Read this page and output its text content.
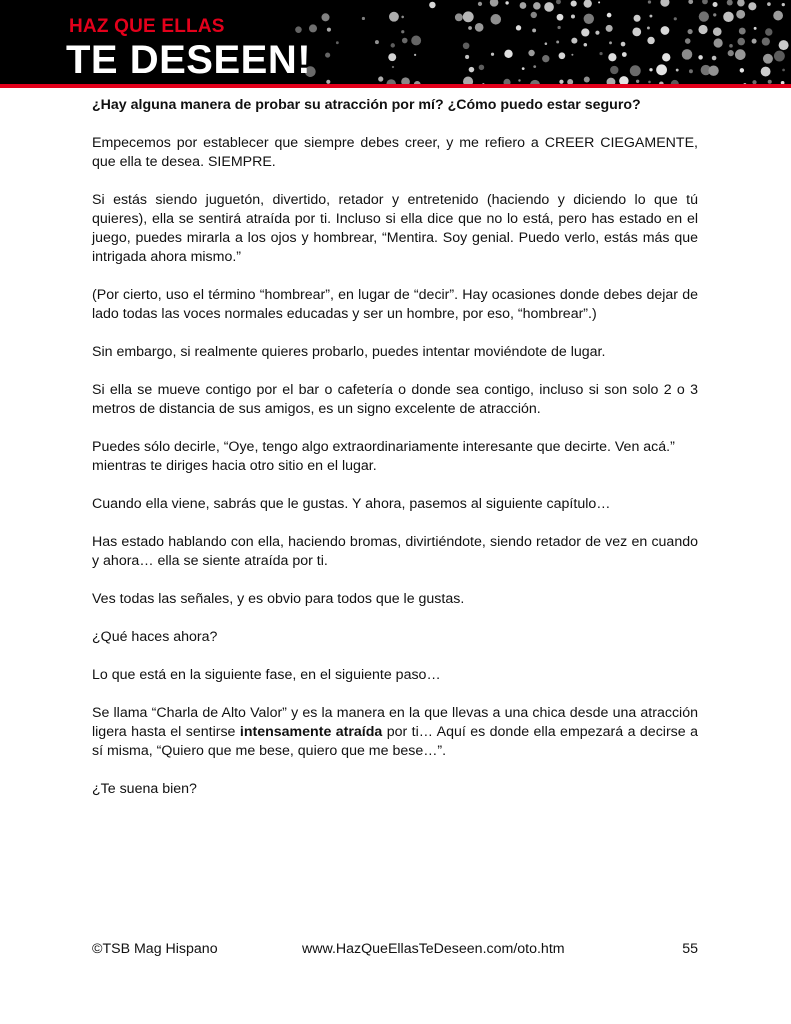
HAZ QUE ELLAS
TE DESEEN!

¿Hay alguna manera de probar su atracción por mí? ¿Cómo puedo estar seguro?

Empecemos por establecer que siempre debes creer, y me refiero a CREER CIEGAMENTE, que ella te desea. SIEMPRE.

Si estás siendo juguetón, divertido, retador y entretenido (haciendo y diciendo lo que tú quieres), ella se sentirá atraída por ti. Incluso si ella dice que no lo está, pero has estado en el juego, puedes mirarla a los ojos y hombrear, “Mentira. Soy genial. Puedo verlo, estás más que intrigada ahora mismo.”

(Por cierto, uso el término “hombrear”, en lugar de “decir”. Hay ocasiones donde debes dejar de lado todas las voces normales educadas y ser un hombre, por eso, “hombrear”.)

Sin embargo, si realmente quieres probarlo, puedes intentar moviéndote de lugar.

Si ella se mueve contigo por el bar o cafetería o donde sea contigo, incluso si son solo 2 o 3 metros de distancia de sus amigos, es un signo excelente de atracción.

Puedes sólo decirle, “Oye, tengo algo extraordinariamente interesante que decirte. Ven acá.”
mientras te diriges hacia otro sitio en el lugar.

Cuando ella viene, sabrás que le gustas. Y ahora, pasemos al siguiente capítulo…

Has estado hablando con ella, haciendo bromas, divirtiéndote, siendo retador de vez en cuando y ahora… ella se siente atraída por ti.

Ves todas las señales, y es obvio para todos que le gustas.

¿Qué haces ahora?

Lo que está en la siguiente fase, en el siguiente paso…

Se llama “Charla de Alto Valor” y es la manera en la que llevas a una chica desde una atracción ligera hasta el sentirse intensamente atraída por ti… Aquí es donde ella empezará a decirse a sí misma, “Quiero que me bese, quiero que me bese…”.

¿Te suena bien?

©TSB Mag Hispano	www.HazQueEllasTeDeseen.com/oto.htm	55
